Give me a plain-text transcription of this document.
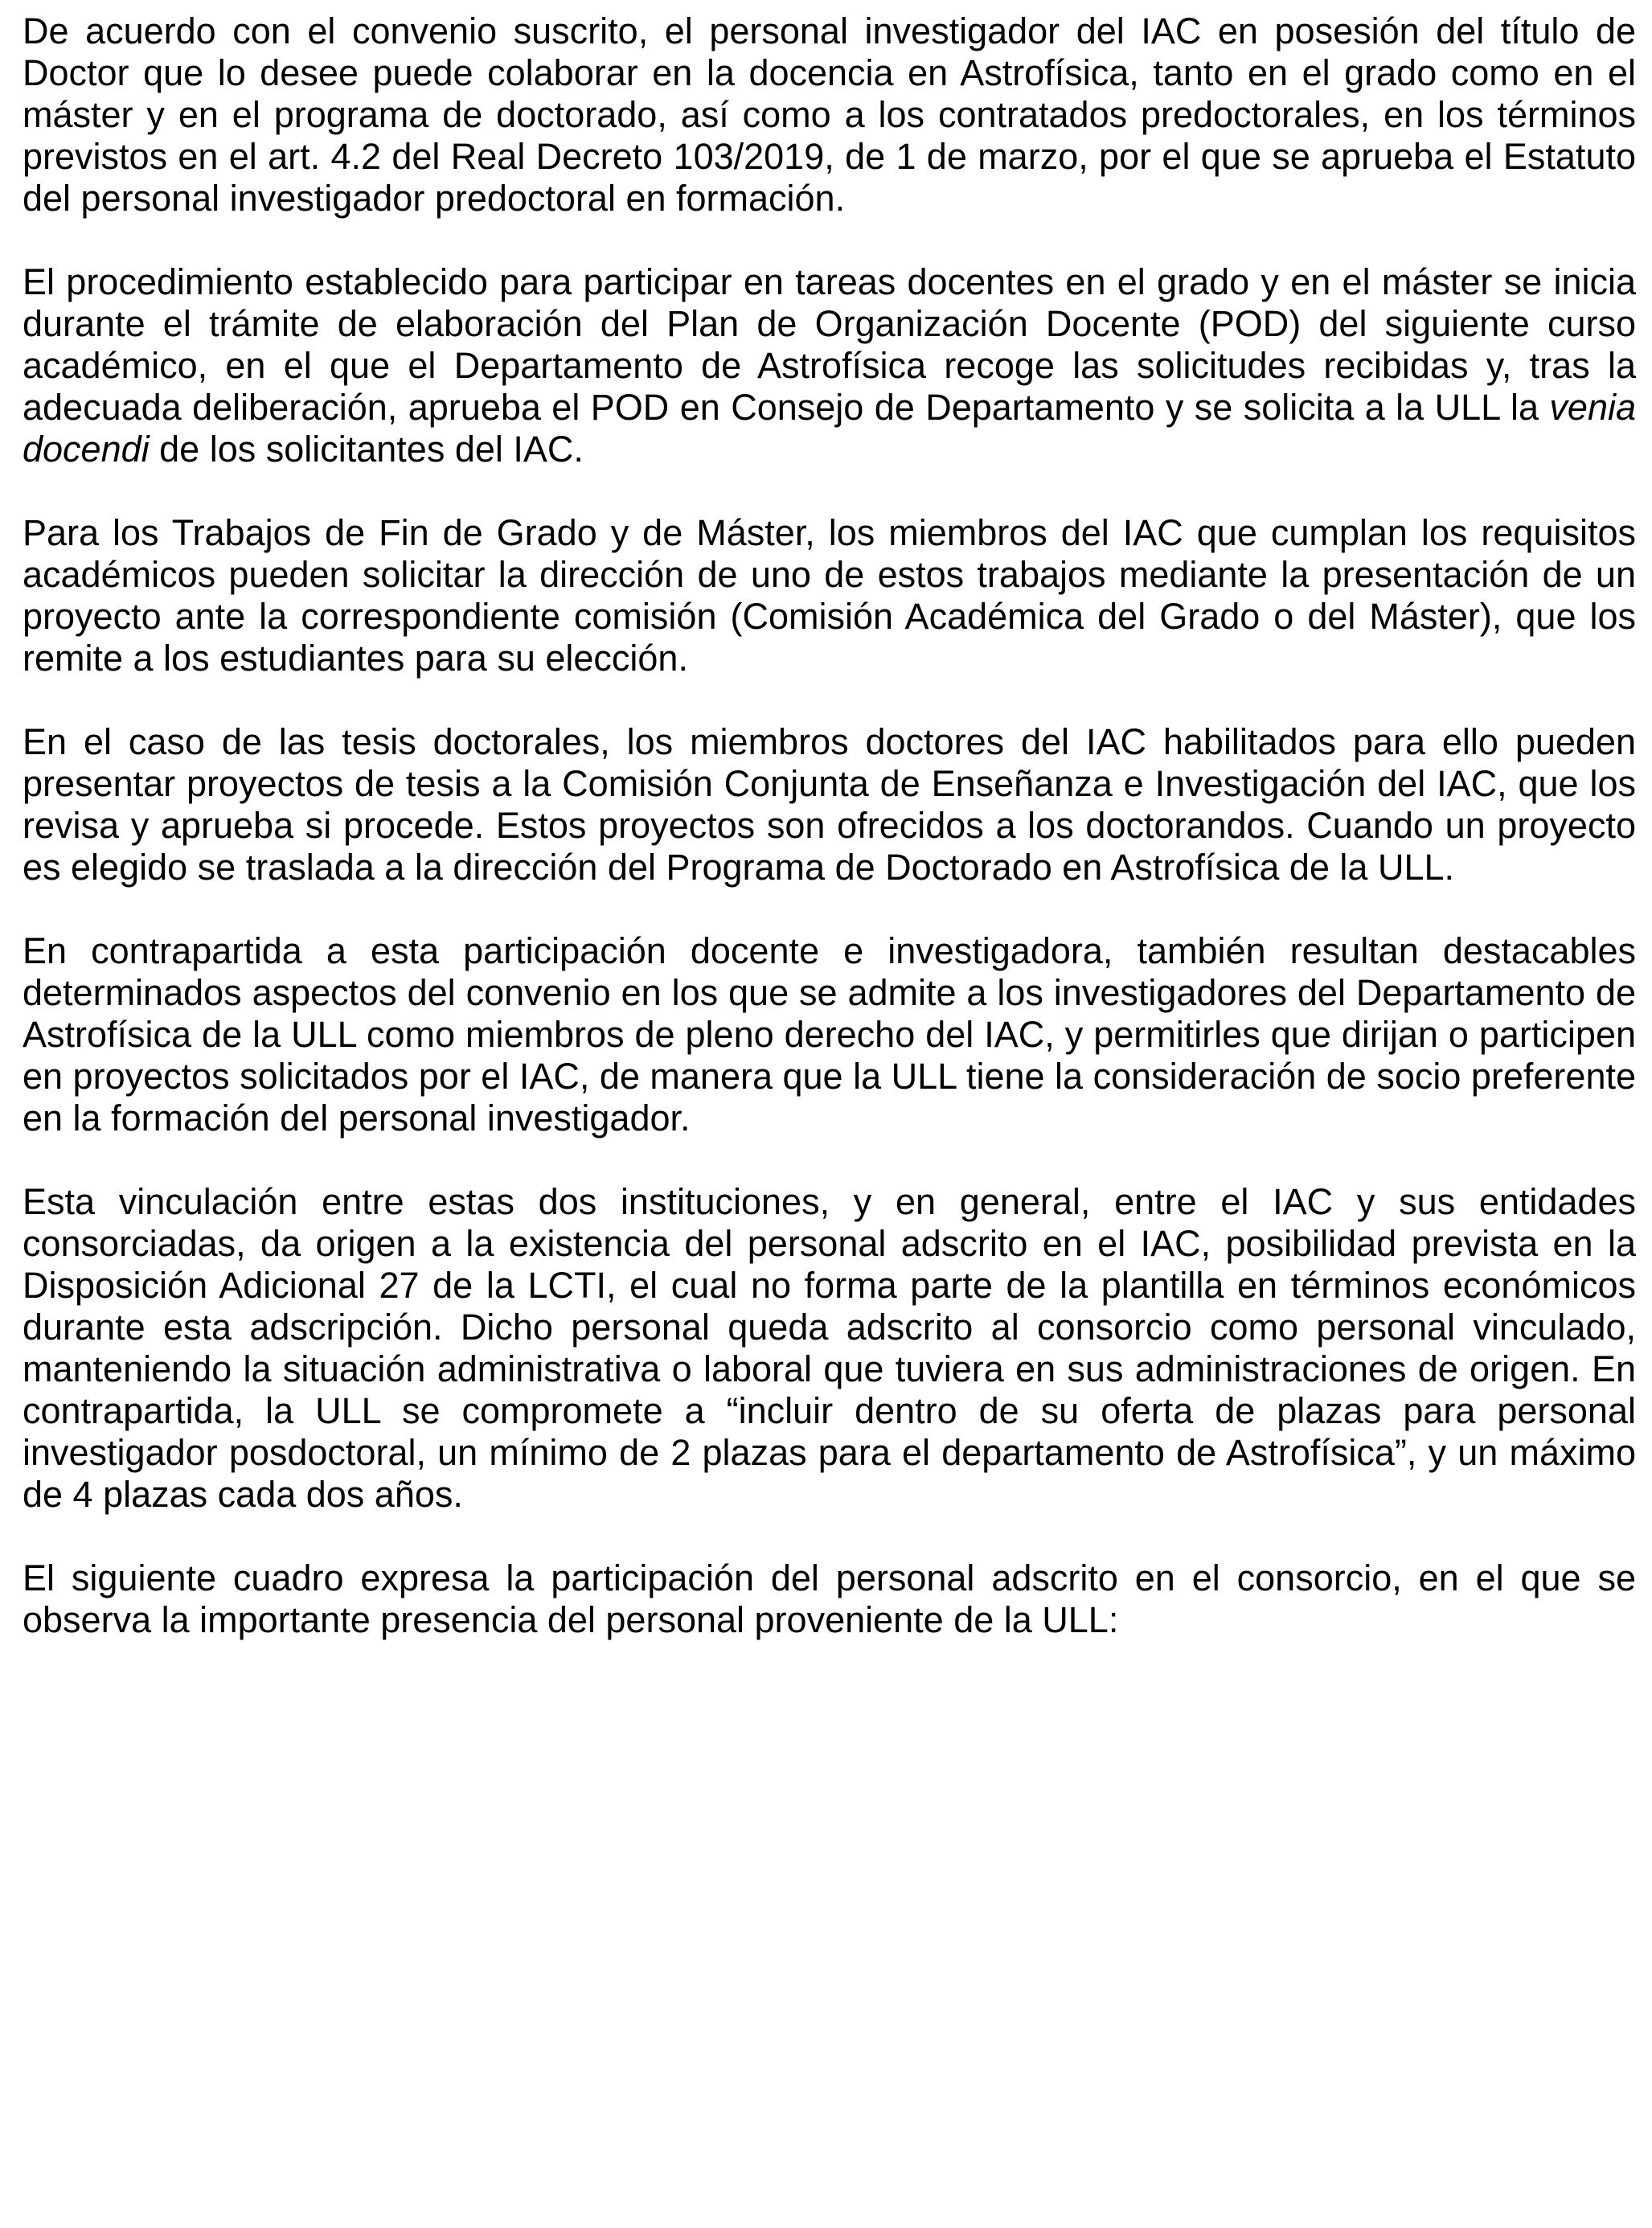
De acuerdo con el convenio suscrito, el personal investigador del IAC en posesión del título de Doctor que lo desee puede colaborar en la docencia en Astrofísica, tanto en el grado como en el máster y en el programa de doctorado, así como a los contratados predoctorales, en los términos previstos en el art. 4.2 del Real Decreto 103/2019, de 1 de marzo, por el que se aprueba el Estatuto del personal investigador predoctoral en formación.

El procedimiento establecido para participar en tareas docentes en el grado y en el máster se inicia durante el trámite de elaboración del Plan de Organización Docente (POD) del siguiente curso académico, en el que el Departamento de Astrofísica recoge las solicitudes recibidas y, tras la adecuada deliberación, aprueba el POD en Consejo de Departamento y se solicita a la ULL la venia docendi de los solicitantes del IAC.

Para los Trabajos de Fin de Grado y de Máster, los miembros del IAC que cumplan los requisitos académicos pueden solicitar la dirección de uno de estos trabajos mediante la presentación de un proyecto ante la correspondiente comisión (Comisión Académica del Grado o del Máster), que los remite a los estudiantes para su elección.

En el caso de las tesis doctorales, los miembros doctores del IAC habilitados para ello pueden presentar proyectos de tesis a la Comisión Conjunta de Enseñanza e Investigación del IAC, que los revisa y aprueba si procede. Estos proyectos son ofrecidos a los doctorandos. Cuando un proyecto es elegido se traslada a la dirección del Programa de Doctorado en Astrofísica de la ULL.

En contrapartida a esta participación docente e investigadora, también resultan destacables determinados aspectos del convenio en los que se admite a los investigadores del Departamento de Astrofísica de la ULL como miembros de pleno derecho del IAC, y permitirles que dirijan o participen en proyectos solicitados por el IAC, de manera que la ULL tiene la consideración de socio preferente en la formación del personal investigador.

Esta vinculación entre estas dos instituciones, y en general, entre el IAC y sus entidades consorciadas, da origen a la existencia del personal adscrito en el IAC, posibilidad prevista en la Disposición Adicional 27 de la LCTI, el cual no forma parte de la plantilla en términos económicos durante esta adscripción. Dicho personal queda adscrito al consorcio como personal vinculado, manteniendo la situación administrativa o laboral que tuviera en sus administraciones de origen. En contrapartida, la ULL se compromete a “incluir dentro de su oferta de plazas para personal investigador posdoctoral, un mínimo de 2 plazas para el departamento de Astrofísica”, y un máximo de 4 plazas cada dos años.

El siguiente cuadro expresa la participación del personal adscrito en el consorcio, en el que se observa la importante presencia del personal proveniente de la ULL:
